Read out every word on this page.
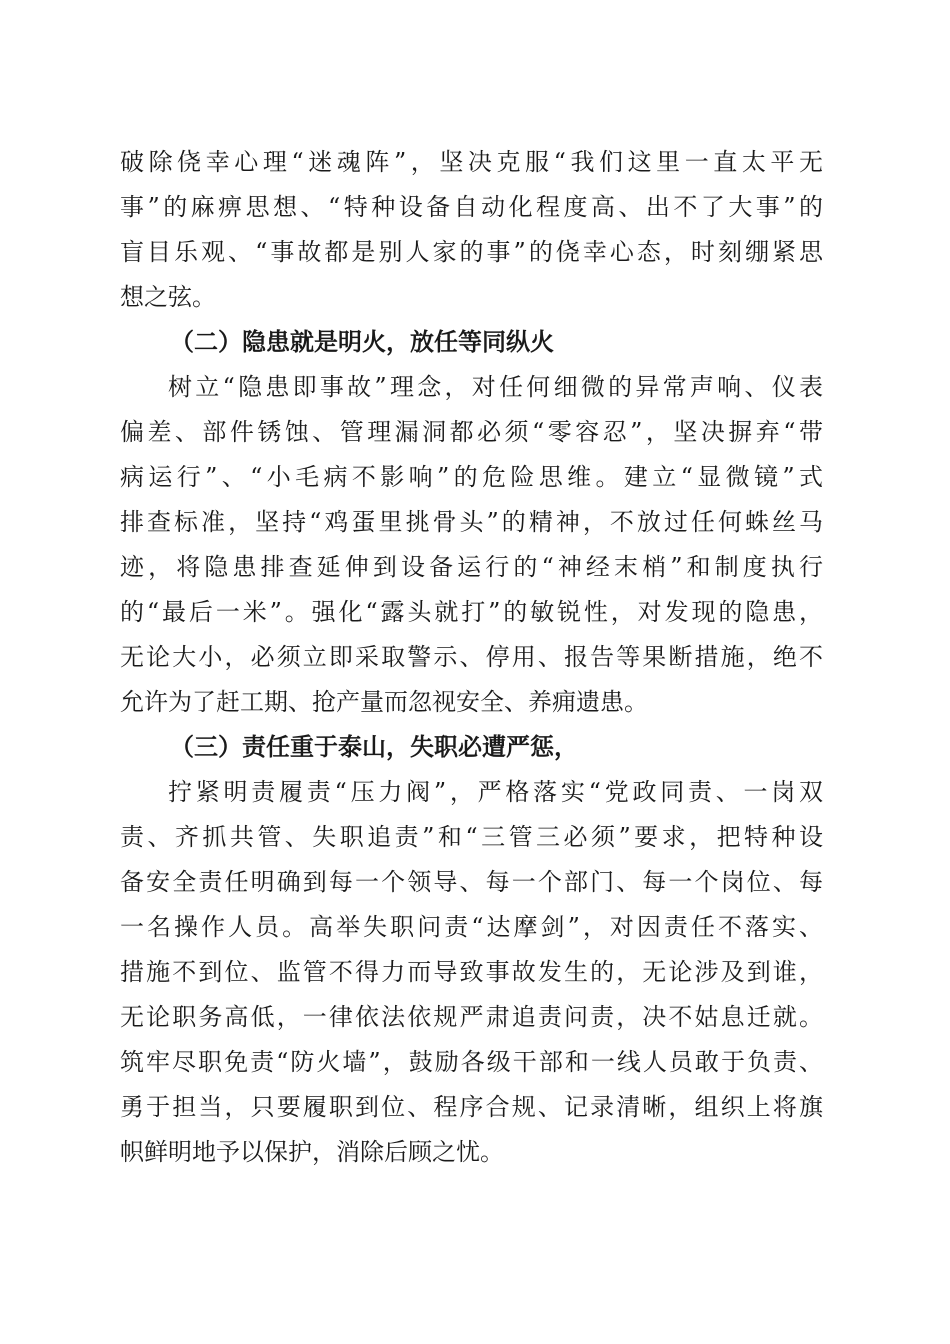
破除侥幸心理“迷魂阵”，坚决克服“我们这里一直太平无

事”的麻痹思想、“特种设备自动化程度高、出不了大事”的

盲目乐观、“事故都是别人家的事”的侥幸心态，时刻绷紧思

想之弦。

（二）隐患就是明火，放任等同纵火

树立“隐患即事故”理念，对任何细微的异常声响、仪表

偏差、部件锈蚀、管理漏洞都必须“零容忍”，坚决摒弃“带

病运行”、“小毛病不影响”的危险思维。建立“显微镜”式

排查标准，坚持“鸡蛋里挑骨头”的精神，不放过任何蛛丝马

迹，将隐患排查延伸到设备运行的“神经末梢”和制度执行

的“最后一米”。强化“露头就打”的敏锐性，对发现的隐患，

无论大小，必须立即采取警示、停用、报告等果断措施，绝不

允许为了赶工期、抢产量而忽视安全、养痈遗患。

（三）责任重于泰山，失职必遭严惩，

拧紧明责履责“压力阀”，严格落实“党政同责、一岗双

责、齐抓共管、失职追责”和“三管三必须”要求，把特种设

备安全责任明确到每一个领导、每一个部门、每一个岗位、每

一名操作人员。高举失职问责“达摩剑”，对因责任不落实、

措施不到位、监管不得力而导致事故发生的，无论涉及到谁，

无论职务高低，一律依法依规严肃追责问责，决不姑息迁就。

筑牢尽职免责“防火墙”，鼓励各级干部和一线人员敢于负责、

勇于担当，只要履职到位、程序合规、记录清晰，组织上将旗

帜鲜明地予以保护，消除后顾之忧。
